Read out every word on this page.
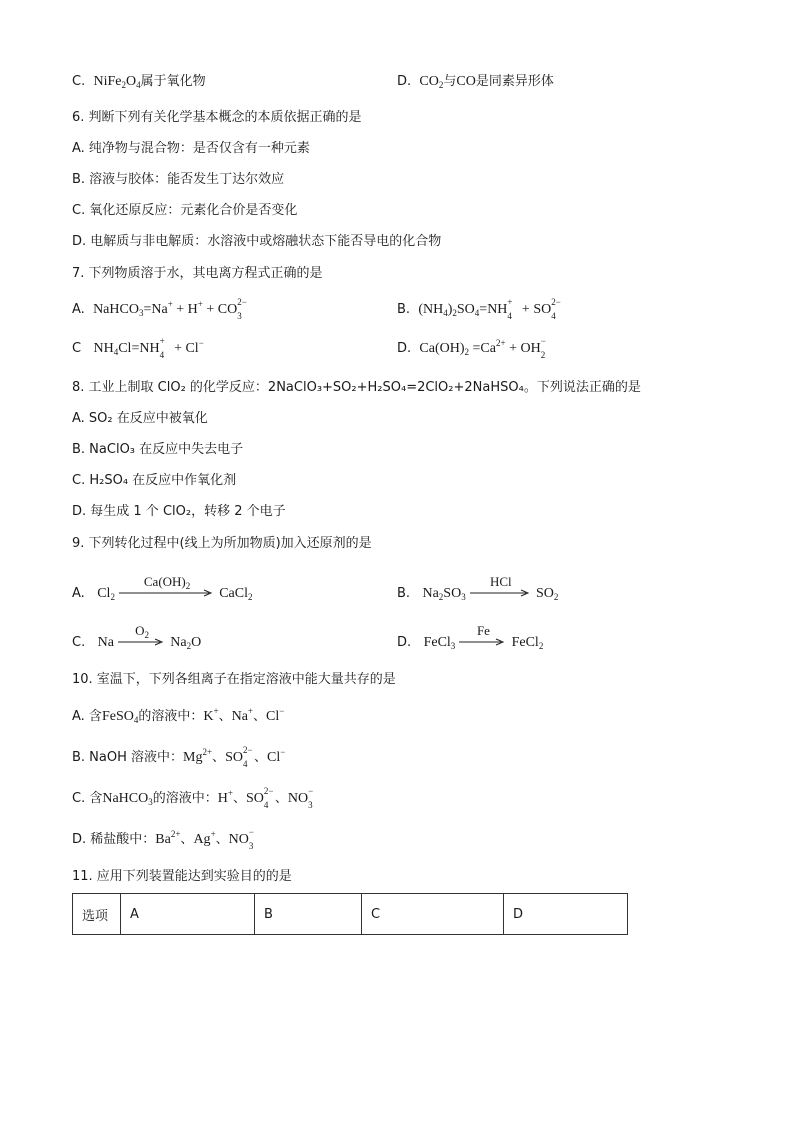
C. $NiFe_2O_4$属于氧化物	D. $CO_2$与CO是同素异形体
6. 判断下列有关化学基本概念的本质依据正确的是
A. 纯净物与混合物：是否仅含有一种元素
B. 溶液与胶体：能否发生丁达尔效应
C. 氧化还原反应：元素化合价是否变化
D. 电解质与非电解质：水溶液中或熔融状态下能否导电的化合物
7. 下列物质溶于水，其电离方程式正确的是
A. NaHCO$_3$=Na+ + H+ + CO
2−
3	B. $(NH_4)_2SO_4=NH$
+
4 + SO
2−
4
C $NH_4Cl=NH$
+
4 + Cl−	D. $Ca(OH)_2 =Ca^{2+}$ + OH
−
2
8. 工业上制取 ClO₂ 的化学反应：2NaClO₃+SO₂+H₂SO₄=2ClO₂+2NaHSO₄。下列说法正确的是
A. SO₂ 在反应中被氧化
B. NaClO₃ 在反应中失去电子
C. H₂SO₄ 在反应中作氧化剂
D. 每生成 1 个 ClO₂，转移 2 个电子
9. 下列转化过程中(线上为所加物质)加入还原剂的是
A. $Cl_2$
$Ca(OH)_2$	CaCl$_2$	B. $Na_2SO_3$
HCl
$SO_2$
C. Na
$O_2$	$Na_2O$	D. FeCl$_3$
Fe
FeCl$_2$
10. 室温下，下列各组离子在指定溶液中能大量共存的是
A. 含FeSO$_4$的溶液中：K+、Na+、Cl−
B. NaOH 溶液中：$Mg^{2+}$、SO
2−
4 、Cl−
C. 含NaHCO$_3$的溶液中：H+、SO
2−
4 、NO
−
3
D. 稀盐酸中：$Ba^{2+}$、Ag+、NO
−
3
11. 应用下列装置能达到实验目的的是
选项	A	B	C	D
